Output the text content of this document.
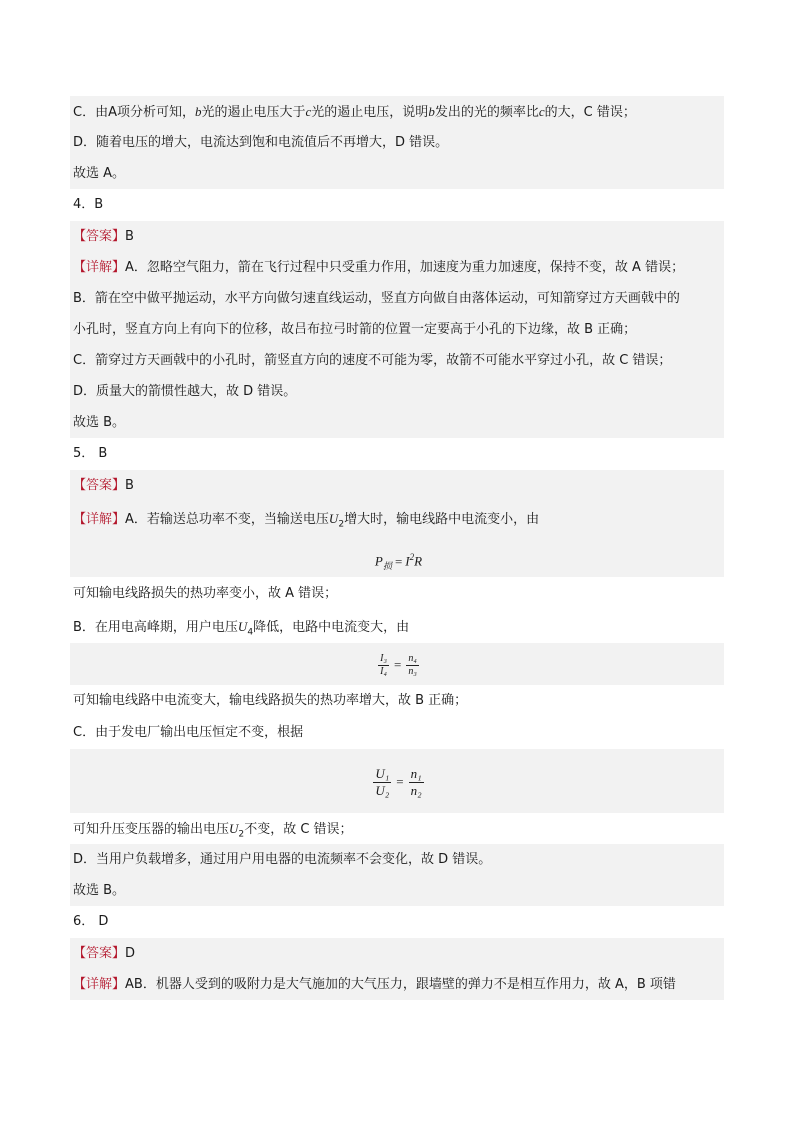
C．由A项分析可知，b光的遏止电压大于c光的遏止电压，说明b发出的光的频率比c的大，C 错误；
D．随着电压的增大，电流达到饱和电流值后不再增大，D 错误。
故选 A。
4．B
【答案】B
【详解】A．忽略空气阻力，箭在飞行过程中只受重力作用，加速度为重力加速度，保持不变，故 A 错误；
B．箭在空中做平抛运动，水平方向做匀速直线运动，竖直方向做自由落体运动，可知箭穿过方天画戟中的
小孔时，竖直方向上有向下的位移，故吕布拉弓时箭的位置一定要高于小孔的下边缘，故 B 正确；
C．箭穿过方天画戟中的小孔时，箭竖直方向的速度不可能为零，故箭不可能水平穿过小孔，故 C 错误；
D．质量大的箭惯性越大，故 D 错误。
故选 B。
5． B
【答案】B
【详解】A．若输送总功率不变，当输送电压$U_2$增大时，输电线路中电流变小，由
$P_损 = I^2R$
可知输电线路损失的热功率变小，故 A 错误；
B．在用电高峰期，用户电压$U_4$降低，电路中电流变大，由
$\frac{\text{I₃}}{\text{I₄}} = \frac{\text{n₄}}{\text{n₃}}$
可知输电线路中电流变大，输电线路损失的热功率增大，故 B 正确；
C．由于发电厂输出电压恒定不变，根据
$\frac{\text{U₁}}{\text{U₂}} = \frac{\text{n₁}}{\text{n₂}}$
可知升压变压器的输出电压$U_2$不变，故 C 错误；
D．当用户负载增多，通过用户用电器的电流频率不会变化，故 D 错误。
故选 B。
6． D
【答案】D
【详解】AB．机器人受到的吸附力是大气施加的大气压力，跟墙壁的弹力不是相互作用力，故 A，B 项错
